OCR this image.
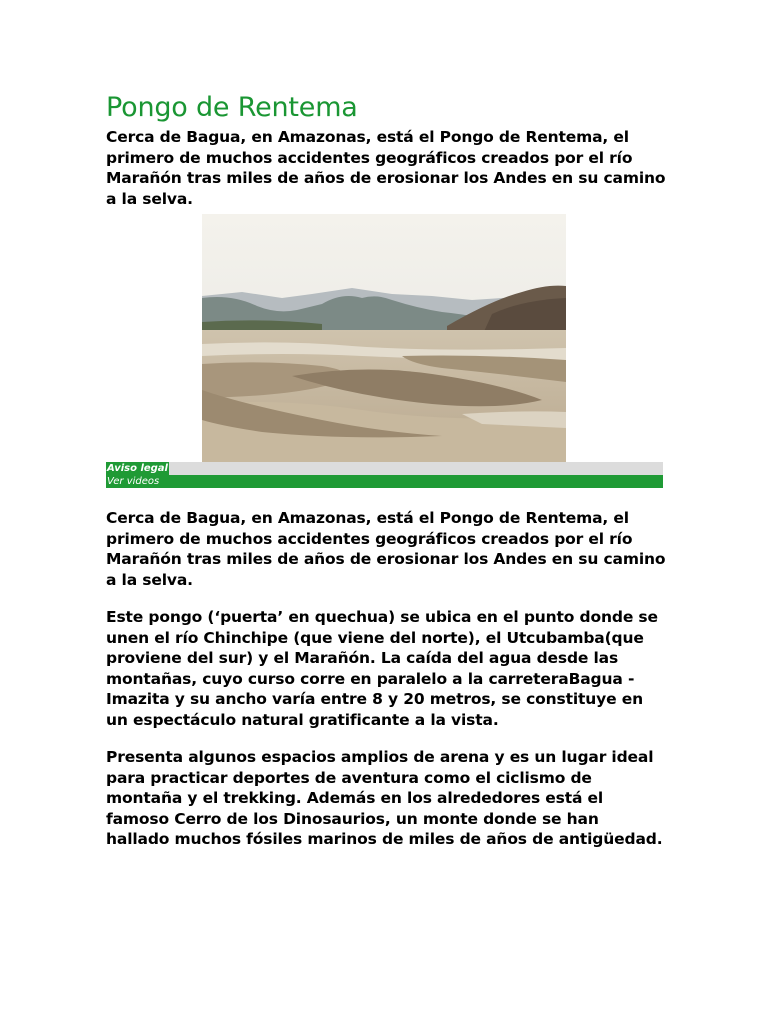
Pongo de Rentema

Cerca de Bagua, en Amazonas, está el Pongo de Rentema, el primero de muchos accidentes geográficos creados por el río Marañón tras miles de años de erosionar los Andes en su camino a la selva.

Aviso legal
Ver videos

Cerca de Bagua, en Amazonas, está el Pongo de Rentema, el primero de muchos accidentes geográficos creados por el río Marañón tras miles de años de erosionar los Andes en su camino a la selva.

Este pongo (‘puerta’ en quechua) se ubica en el punto donde se unen el río Chinchipe (que viene del norte), el Utcubamba(que proviene del sur) y el Marañón. La caída del agua desde las montañas, cuyo curso corre en paralelo a la carreteraBagua - Imazita y su ancho varía entre 8 y 20 metros, se constituye en un espectáculo natural gratificante a la vista.

Presenta algunos espacios amplios de arena y es un lugar ideal para practicar deportes de aventura como el ciclismo de montaña y el trekking. Además en los alrededores está el famoso Cerro de los Dinosaurios, un monte donde se han hallado muchos fósiles marinos de miles de años de antigüedad.
